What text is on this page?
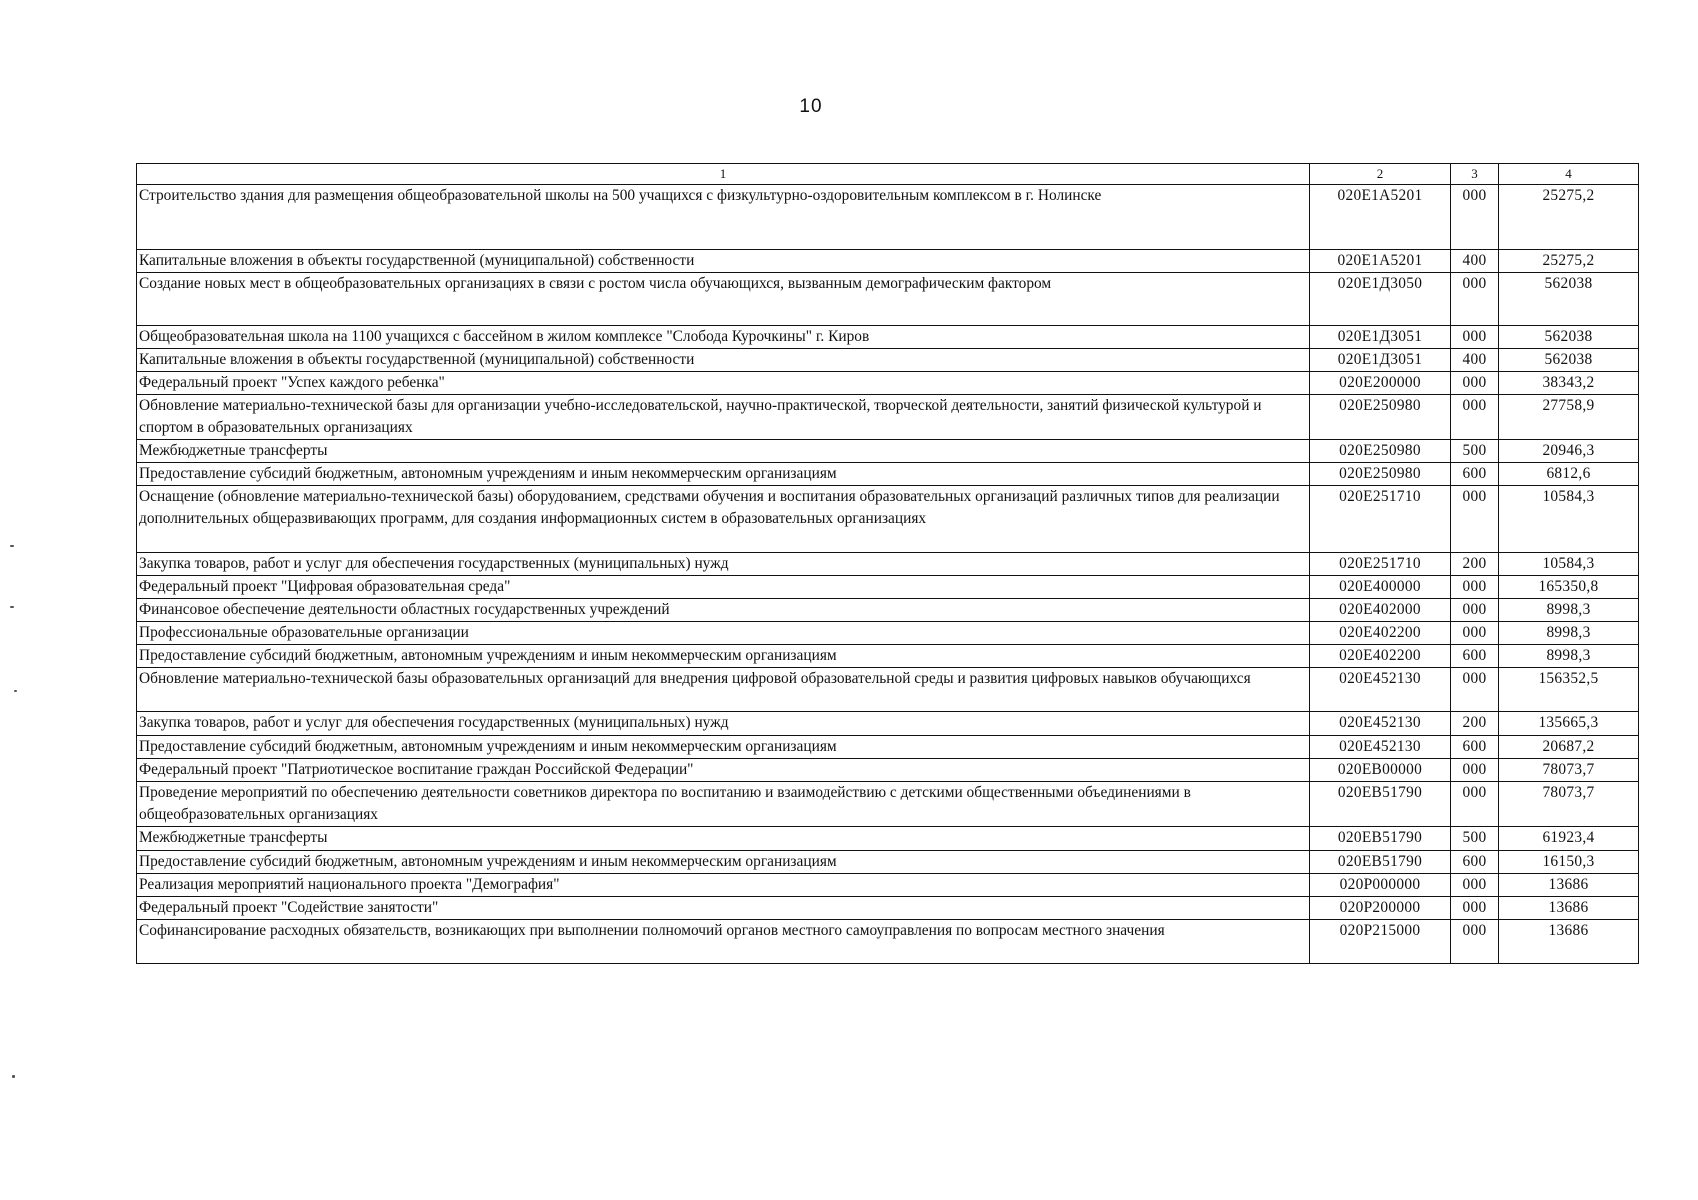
10
1	2	3	4
Строительство здания для размещения общеобразовательной школы на 500 учащихся с физкультурно-оздоровительным комплексом в г. Нолинске	020E1A5201	000	25275,2
Капитальные вложения в объекты государственной (муниципальной) собственности	020E1A5201	400	25275,2
Создание новых мест в общеобразовательных организациях в связи с ростом числа обучающихся, вызванным демографическим фактором	020E1Д3050	000	562038
Общеобразовательная школа на 1100 учащихся с бассейном в жилом комплексе "Слобода Курочкины" г. Киров	020E1Д3051	000	562038
Капитальные вложения в объекты государственной (муниципальной) собственности	020E1Д3051	400	562038
Федеральный проект "Успех каждого ребенка"	020E200000	000	38343,2
Обновление материально-технической базы для организации учебно-исследовательской, научно-практической, творческой деятельности, занятий физической культурой и спортом в образовательных организациях	020E250980	000	27758,9
Межбюджетные трансферты	020E250980	500	20946,3
Предоставление субсидий бюджетным, автономным учреждениям и иным некоммерческим организациям	020E250980	600	6812,6
Оснащение (обновление материально-технической базы) оборудованием, средствами обучения и воспитания образовательных организаций различных типов для реализации дополнительных общеразвивающих программ, для создания информационных систем в образовательных организациях	020E251710	000	10584,3
Закупка товаров, работ и услуг для обеспечения государственных (муниципальных) нужд	020E251710	200	10584,3
Федеральный проект "Цифровая образовательная среда"	020E400000	000	165350,8
Финансовое обеспечение деятельности областных государственных учреждений	020E402000	000	8998,3
Профессиональные образовательные организации	020E402200	000	8998,3
Предоставление субсидий бюджетным, автономным учреждениям и иным некоммерческим организациям	020E402200	600	8998,3
Обновление материально-технической базы образовательных организаций для внедрения цифровой образовательной среды и развития цифровых навыков обучающихся	020E452130	000	156352,5
Закупка товаров, работ и услуг для обеспечения государственных (муниципальных) нужд	020E452130	200	135665,3
Предоставление субсидий бюджетным, автономным учреждениям и иным некоммерческим организациям	020E452130	600	20687,2
Федеральный проект "Патриотическое воспитание граждан Российской Федерации"	020EB00000	000	78073,7
Проведение мероприятий по обеспечению деятельности советников директора по воспитанию и взаимодействию с детскими общественными объединениями в общеобразовательных организациях	020EB51790	000	78073,7
Межбюджетные трансферты	020EB51790	500	61923,4
Предоставление субсидий бюджетным, автономным учреждениям и иным некоммерческим организациям	020EB51790	600	16150,3
Реализация мероприятий национального проекта "Демография"	020P000000	000	13686
Федеральный проект "Содействие занятости"	020P200000	000	13686
Софинансирование расходных обязательств, возникающих при выполнении полномочий органов местного самоуправления по вопросам местного значения	020P215000	000	13686
